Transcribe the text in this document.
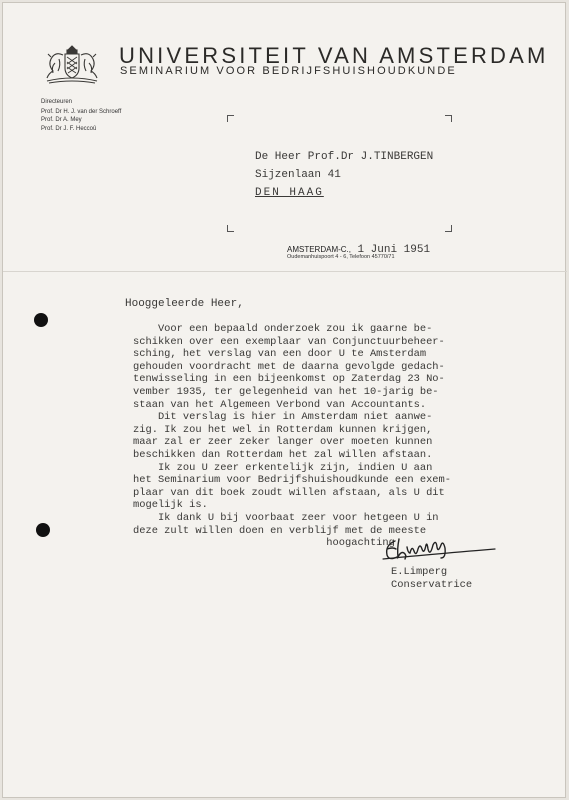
UNIVERSITEIT VAN AMSTERDAM
SEMINARIUM VOOR BEDRIJFSHUISHOUDKUNDE
Directeuren
Prof. Dr H. J. van der Schroeff
Prof. Dr A. Mey
Prof. Dr J. F. Heccoû
De Heer Prof.Dr J.TINBERGEN
Sijzenlaan 41
DEN HAAG
AMSTERDAM-C., 1 Juni 1951
Oudemanhuispoort 4 - 6, Telefoon 45770/71
Hooggeleerde Heer,
Voor een bepaald onderzoek zou ik gaarne be-
schikken over een exemplaar van Conjunctuurbeheer-
sching, het verslag van een door U te Amsterdam
gehouden voordracht met de daarna gevolgde gedach-
tenwisseling in een bijeenkomst op Zaterdag 23 No-
vember 1935, ter gelegenheid van het 10-jarig be-
staan van het Algemeen Verbond van Accountants.
Dit verslag is hier in Amsterdam niet aanwe-
zig. Ik zou het wel in Rotterdam kunnen krijgen,
maar zal er zeer zeker langer over moeten kunnen
beschikken dan Rotterdam het zal willen afstaan.
Ik zou U zeer erkentelijk zijn, indien U aan
het Seminarium voor Bedrijfshuishoudkunde een exem-
plaar van dit boek zoudt willen afstaan, als U dit
mogelijk is.
Ik dank U bij voorbaat zeer voor hetgeen U in
deze zult willen doen en verblijf met de meeste
hoogachting
E.Limperg
Conservatrice
